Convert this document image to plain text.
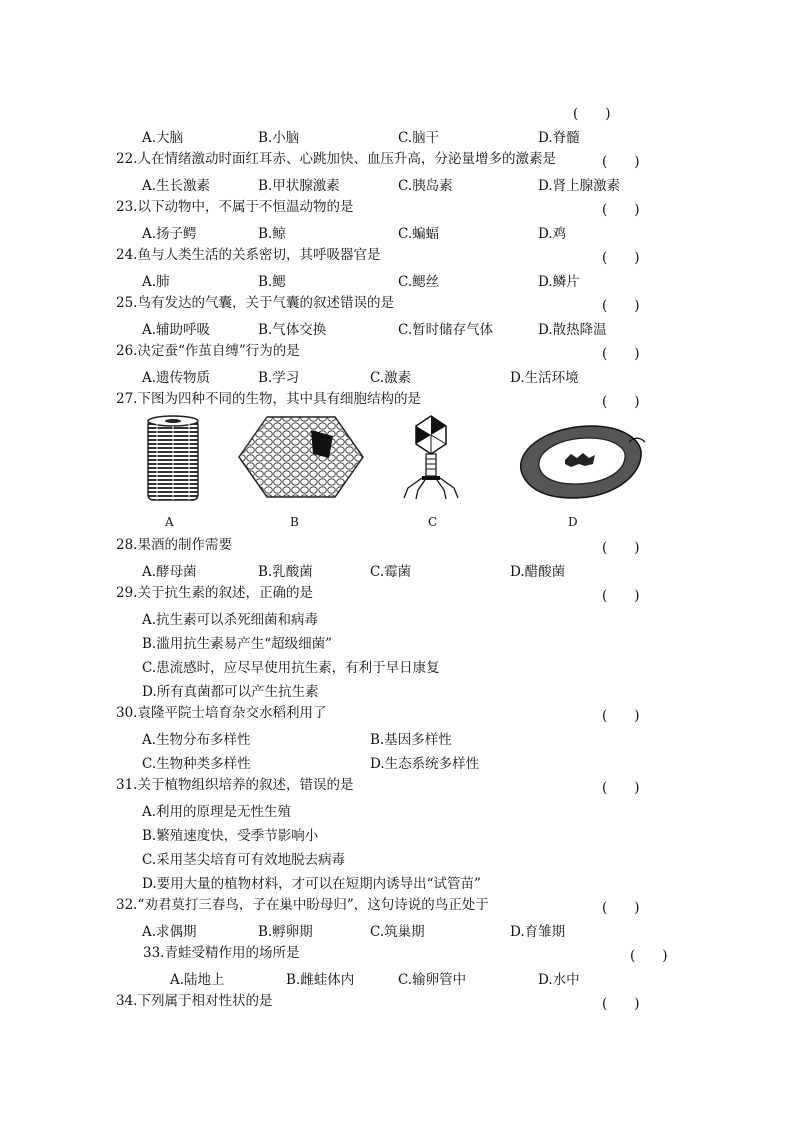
(　　)
A.大脑	B.小脑	C.脑干	D.脊髓
22.人在情绪激动时面红耳赤、心跳加快、血压升高，分泌量增多的激素是	(　　)
A.生长激素	B.甲状腺激素	C.胰岛素	D.肾上腺激素
23.以下动物中，不属于不恒温动物的是	(　　)
A.扬子鳄	B.鲸	C.蝙蝠	D.鸡
24.鱼与人类生活的关系密切，其呼吸器官是	(　　)
A.肺	B.鳃	C.鳃丝	D.鳞片
25.鸟有发达的气囊，关于气囊的叙述错误的是	(　　)
A.辅助呼吸	B.气体交换	C.暂时储存气体	D.散热降温
26.决定蚕“作茧自缚”行为的是	(　　)
A.遗传物质	B.学习	C.激素	D.生活环境
27.下图为四种不同的生物，其中具有细胞结构的是	(　　)
A	B	C	D
28.果酒的制作需要	(　　)
A.酵母菌	B.乳酸菌	C.霉菌	D.醋酸菌
29.关于抗生素的叙述，正确的是	(　　)
A.抗生素可以杀死细菌和病毒
B.滥用抗生素易产生“超级细菌”
C.患流感时，应尽早使用抗生素，有利于早日康复
D.所有真菌都可以产生抗生素
30.袁隆平院士培育杂交水稻利用了	(　　)
A.生物分布多样性	B.基因多样性
C.生物种类多样性	D.生态系统多样性
31.关于植物组织培养的叙述，错误的是	(　　)
A.利用的原理是无性生殖
B.繁殖速度快，受季节影响小
C.采用茎尖培育可有效地脱去病毒
D.要用大量的植物材料，才可以在短期内诱导出“试管苗”
32.“劝君莫打三春鸟，子在巢中盼母归”，这句诗说的鸟正处于	(　　)
A.求偶期	B.孵卵期	C.筑巢期	D.育雏期
33.青蛙受精作用的场所是	(　　)
A.陆地上	B.雌蛙体内	C.输卵管中	D.水中
34.下列属于相对性状的是	(　　)
